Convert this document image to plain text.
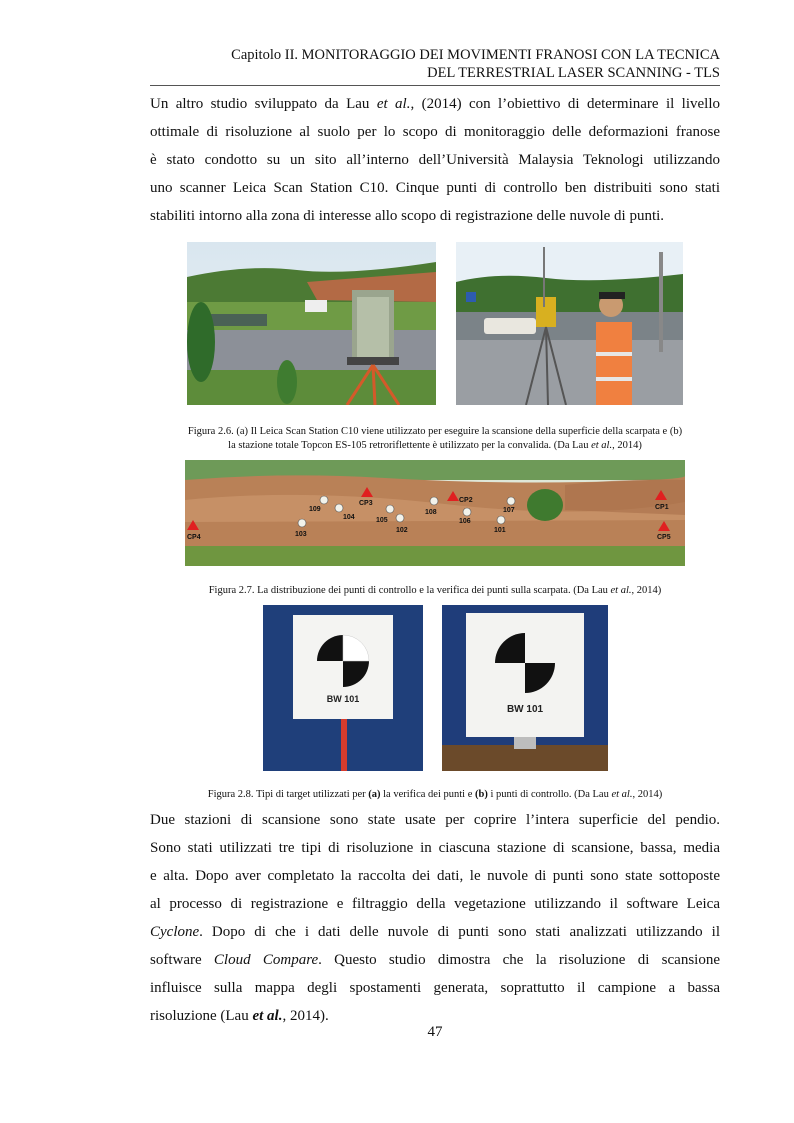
Capitolo II. MONITORAGGIO DEI MOVIMENTI FRANOSI CON LA TECNICA
DEL TERRESTRIAL LASER SCANNING - TLS
Un altro studio sviluppato da Lau et al., (2014) con l’obiettivo di determinare il livello
ottimale di risoluzione al suolo per lo scopo di monitoraggio delle deformazioni franose
è stato condotto su un sito all’interno dell’Università Malaysia Teknologi utilizzando
uno scanner Leica Scan Station C10. Cinque punti di controllo ben distribuiti sono stati
stabiliti intorno alla zona di interesse allo scopo di registrazione delle nuvole di punti.
Figura 2.6. (a) Il Leica Scan Station C10 viene utilizzato per eseguire la scansione della superficie della scarpata e (b)
la stazione totale Topcon ES-105 retroriflettente è utilizzato per la convalida. (Da Lau et al., 2014)
CP3	CP2
CP1
CP4	CP5
109
104
103
105
102
108
106
101
107
Figura 2.7. La distribuzione dei punti di controllo e la verifica dei punti sulla scarpata. (Da Lau et al., 2014)
BW 101
BW 101
Figura 2.8. Tipi di target utilizzati per (a) la verifica dei punti e (b) i punti di controllo. (Da Lau et al., 2014)
Due stazioni di scansione sono state usate per coprire l’intera superficie del pendio.
Sono stati utilizzati tre tipi di risoluzione in ciascuna stazione di scansione, bassa, media
e alta. Dopo aver completato la raccolta dei dati, le nuvole di punti sono state sottoposte
al processo di registrazione e filtraggio della vegetazione utilizzando il software Leica
Cyclone. Dopo di che i dati delle nuvole di punti sono stati analizzati utilizzando il
software Cloud Compare. Questo studio dimostra che la risoluzione di scansione
influisce sulla mappa degli spostamenti generata, soprattutto il campione a bassa
risoluzione (Lau et al., 2014).
47
